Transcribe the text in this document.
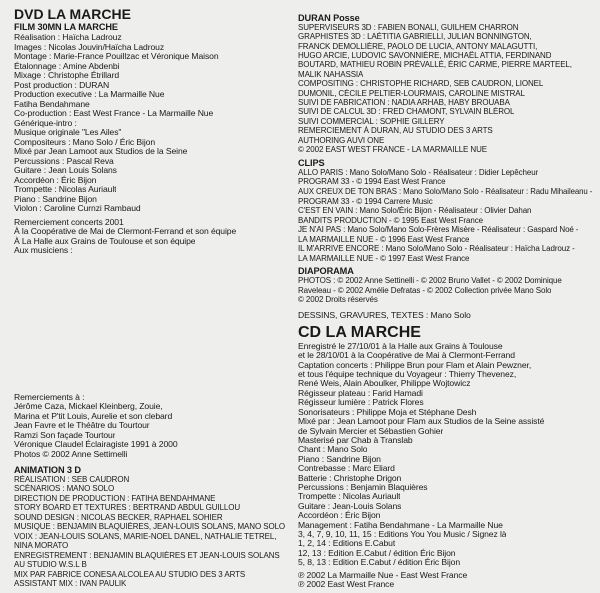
DVD LA MARCHE
FILM 30MN LA MARCHE
Réalisation : Haïcha Ladrouz
Images : Nicolas Jouvin/Haïcha Ladrouz
Montage : Marie-France Pouillzac et Véronique Maison
Étalonnage : Amine Abdenbi
Mixage : Christophe Étrillard
Post production : DURAN
Production executive : La Marmaille Nue
Fatiha Bendahmane
Co-production : East West France - La Marmaille Nue
Générique-intro :
Musique originale "Les Ailes"
Compositeurs : Mano Solo / Éric Bijon
Mixé par Jean Lamoot aux Studios de la Seine
Percussions : Pascal Reva
Guitare : Jean Louis Solans
Accordéon : Éric Bijon
Trompette : Nicolas Auriault
Piano : Sandrine Bijon
Violon : Caroline Curnzi Rambaud
Remerciement concerts 2001
À la Coopérative de Mai de Clermont-Ferrand et son équipe
À La Halle aux Grains de Toulouse et son équipe
Aux musiciens :
Remerciements à :
Jérôme Caza, Mickael Kleinberg, Zouie,
Marina et P'tit Louis, Aurelie et son clebard
Jean Favre et le Théâtre du Tourtour
Ramzi Son façade Tourtour
Véronique Claudel Éclairagiste 1991 à 2000
Photos © 2002 Anne Settimelli
ANIMATION 3 D
RÉALISATION : SEB CAUDRON
SCÉNARIOS : MANO SOLO
DIRECTION DE PRODUCTION : FATIHA BENDAHMANE
STORY BOARD ET TEXTURES : BERTRAND ABDUL GUILLOU
SOUND DESIGN : NICOLAS BECKER, RAPHAEL SOHIER
MUSIQUE : BENJAMIN BLAQUIÈRES, JEAN-LOUIS SOLANS, MANO SOLO
VOIX : JEAN-LOUIS SOLANS, MARIE-NOEL DANEL, NATHALIE TETREL,
NINA MORATO
ENREGISTREMENT : BENJAMIN BLAQUIÈRES ET JEAN-LOUIS SOLANS
AU STUDIO W.S.L B
MIX PAR FABRICE CONESA ALCOLEA AU STUDIO DES 3 ARTS
ASSISTANT MIX : IVAN PAULIK
DURAN Posse
SUPERVISEURS 3D : FABIEN BONALI, GUILHEM CHARRON
GRAPHISTES 3D : LAÉTITIA GABRIELLI, JULIAN BONNINGTON,
FRANCK DEMOLLIÈRE, PAOLO DE LUCIA, ANTONY MALAGUTTI,
HUGO ARCIE, LUDOVIC SAVONNIÈRE, MICHAËL ATTIA, FERDINAND
BOUTARD, MATHIEU ROBIN PRÉVALLÉ, ÉRIC CARME, PIERRE MARTEEL,
MALIK NAHASSIA
COMPOSITING : CHRISTOPHE RICHARD, SEB CAUDRON, LIONEL
DUMONIL, CÉCILE PELTIER-LOURMAIS, CAROLINE MISTRAL
SUIVI DE FABRICATION : NADIA ARHAB, HABY BROUABA
SUIVI DE CALCUL 3D : FRED CHAMONT, SYLVAIN BLÉROL
SUIVI COMMERCIAL : SOPHIE GILLERY
REMERCIEMENT À DURAN, AU STUDIO DES 3 ARTS
AUTHORING AUVI ONE
© 2002 EAST WEST FRANCE - LA MARMAILLE NUE
CLIPS
ALLO PARIS : Mano Solo/Mano Solo - Réalisateur : Didier Lepêcheur
PROGRAM 33 - © 1994 East West France
AUX CREUX DE TON BRAS : Mano Solo/Mano Solo - Réalisateur : Radu Mihaileanu -
PROGRAM 33 - © 1994 Carrere Music
C'EST EN VAIN : Mano Solo/Éric Bijon - Réalisateur : Olivier Dahan
BANDITS PRODUCTION - © 1995 East West France
JE N'AI PAS : Mano Solo/Mano Solo-Frères Misère - Réalisateur : Gaspard Noé -
LA MARMAILLE NUE - © 1996 East West France
IL M'ARRIVE ENCORE : Mano Solo/Mano Solo - Réalisateur : Haïcha Ladrouz -
LA MARMAILLE NUE - © 1997 East West France
DIAPORAMA
PHOTOS : © 2002 Anne Settinelli - © 2002 Bruno Vallet - © 2002 Dominique
Raveleau - © 2002 Amélie Defratas - © 2002 Collection privée Mano Solo
© 2002 Droits réservés
DESSINS, GRAVURES, TEXTES : Mano Solo
CD LA MARCHE
Enregistré le 27/10/01 à la Halle aux Grains à Toulouse
et le 28/10/01 à la Coopérative de Mai à Clermont-Ferrand
Captation concerts : Philippe Brun pour Flam et Alain Pewzner,
et tous l'équipe technique du Voyageur : Thierry Thevenez,
René Weis, Alain Aboulker, Philippe Wojtowicz
Régisseur plateau : Farid Hamadi
Régisseur lumière : Patrick Flores
Sonorisateurs : Philippe Moja et Stéphane Desh
Mixé par : Jean Lamoot pour Flam aux Studios de la Seine assisté
de Sylvain Mercier et Sébastien Gohier
Masterisé par Chab à Translab
Chant : Mano Solo
Piano : Sandrine Bijon
Contrebasse : Marc Eliard
Batterie : Christophe Drigon
Percussions : Benjamin Blaquières
Trompette : Nicolas Auriault
Guitare : Jean-Louis Solans
Accordéon : Éric Bijon
Management : Fatiha Bendahmane - La Marmaille Nue
3, 4, 7, 9, 10, 11, 15 : Editions You You Music / Signez là
1, 2, 14 : Editions E.Cabut
12, 13 : Edition E.Cabut / édition Éric Bijon
5, 8, 13 : Edition E.Cabut / édition Éric Bijon
℗ 2002 La Marmaille Nue - East West France
℗ 2002 East West France
